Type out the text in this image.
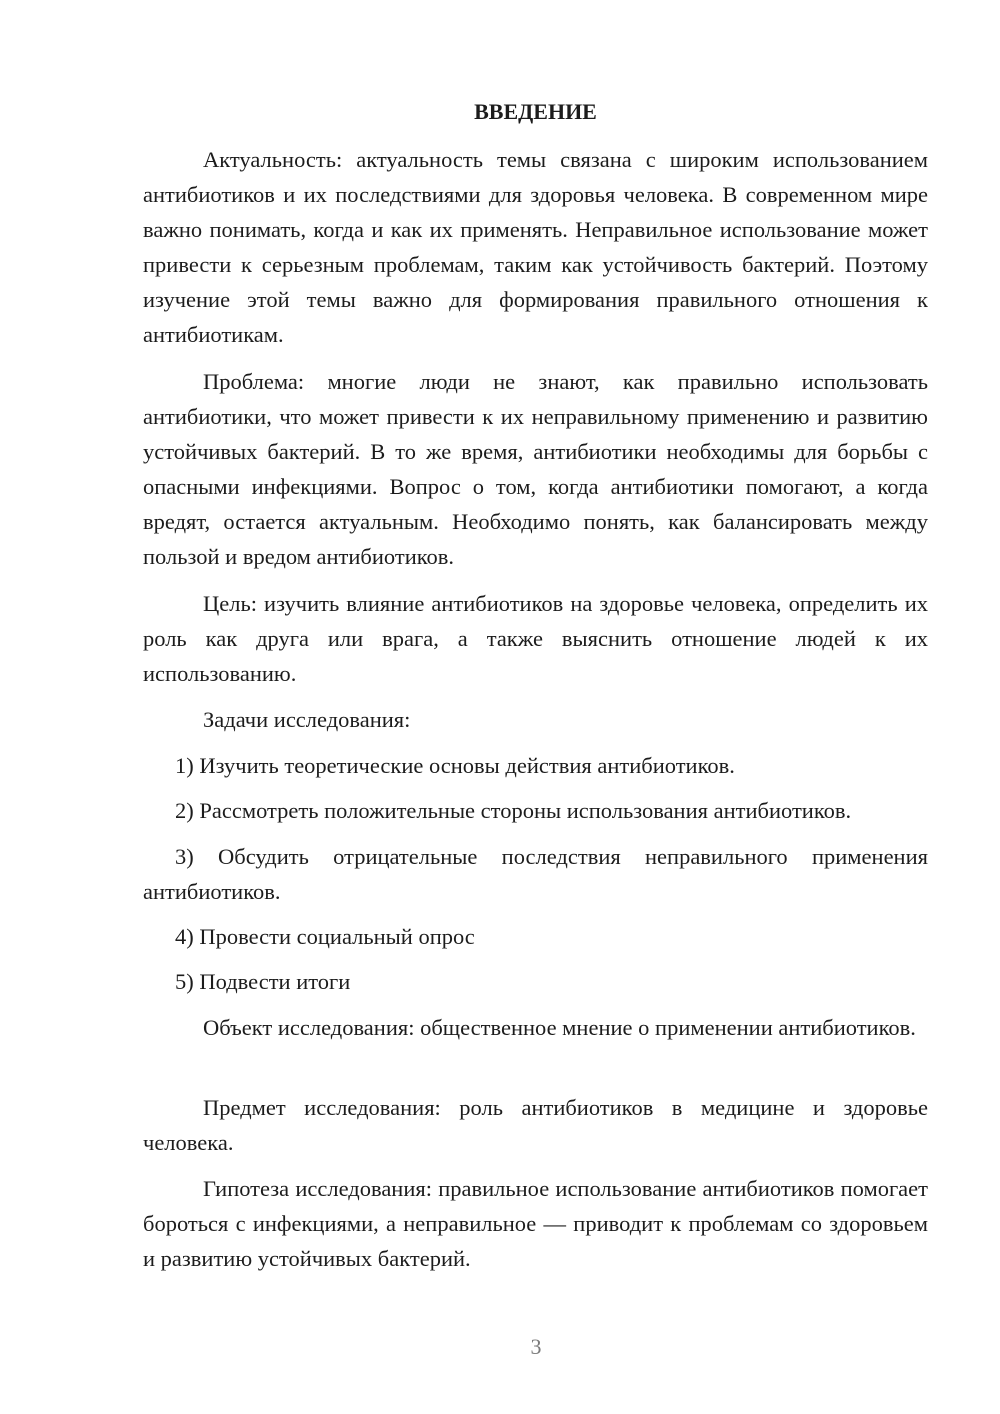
ВВЕДЕНИЕ

Актуальность: актуальность темы связана с широким использованием антибиотиков и их последствиями для здоровья человека. В современном мире важно понимать, когда и как их применять. Неправильное использование может привести к серьезным проблемам, таким как устойчивость бактерий. Поэтому изучение этой темы важно для формирования правильного отношения к антибиотикам.

Проблема: многие люди не знают, как правильно использовать антибиотики, что может привести к их неправильному применению и развитию устойчивых бактерий. В то же время, антибиотики необходимы для борьбы с опасными инфекциями. Вопрос о том, когда антибиотики помогают, а когда вредят, остается актуальным. Необходимо понять, как балансировать между пользой и вредом антибиотиков.

Цель: изучить влияние антибиотиков на здоровье человека, определить их роль как друга или врага, а также выяснить отношение людей к их использованию.

Задачи исследования:

1) Изучить теоретические основы действия антибиотиков.

2) Рассмотреть положительные стороны использования антибиотиков.

3) Обсудить отрицательные последствия неправильного применения антибиотиков.

4) Провести социальный опрос

5) Подвести итоги

Объект исследования: общественное мнение о применении антибиотиков.

Предмет исследования: роль антибиотиков в медицине и здоровье человека.

Гипотеза исследования: правильное использование антибиотиков помогает бороться с инфекциями, а неправильное — приводит к проблемам со здоровьем и развитию устойчивых бактерий.

3
